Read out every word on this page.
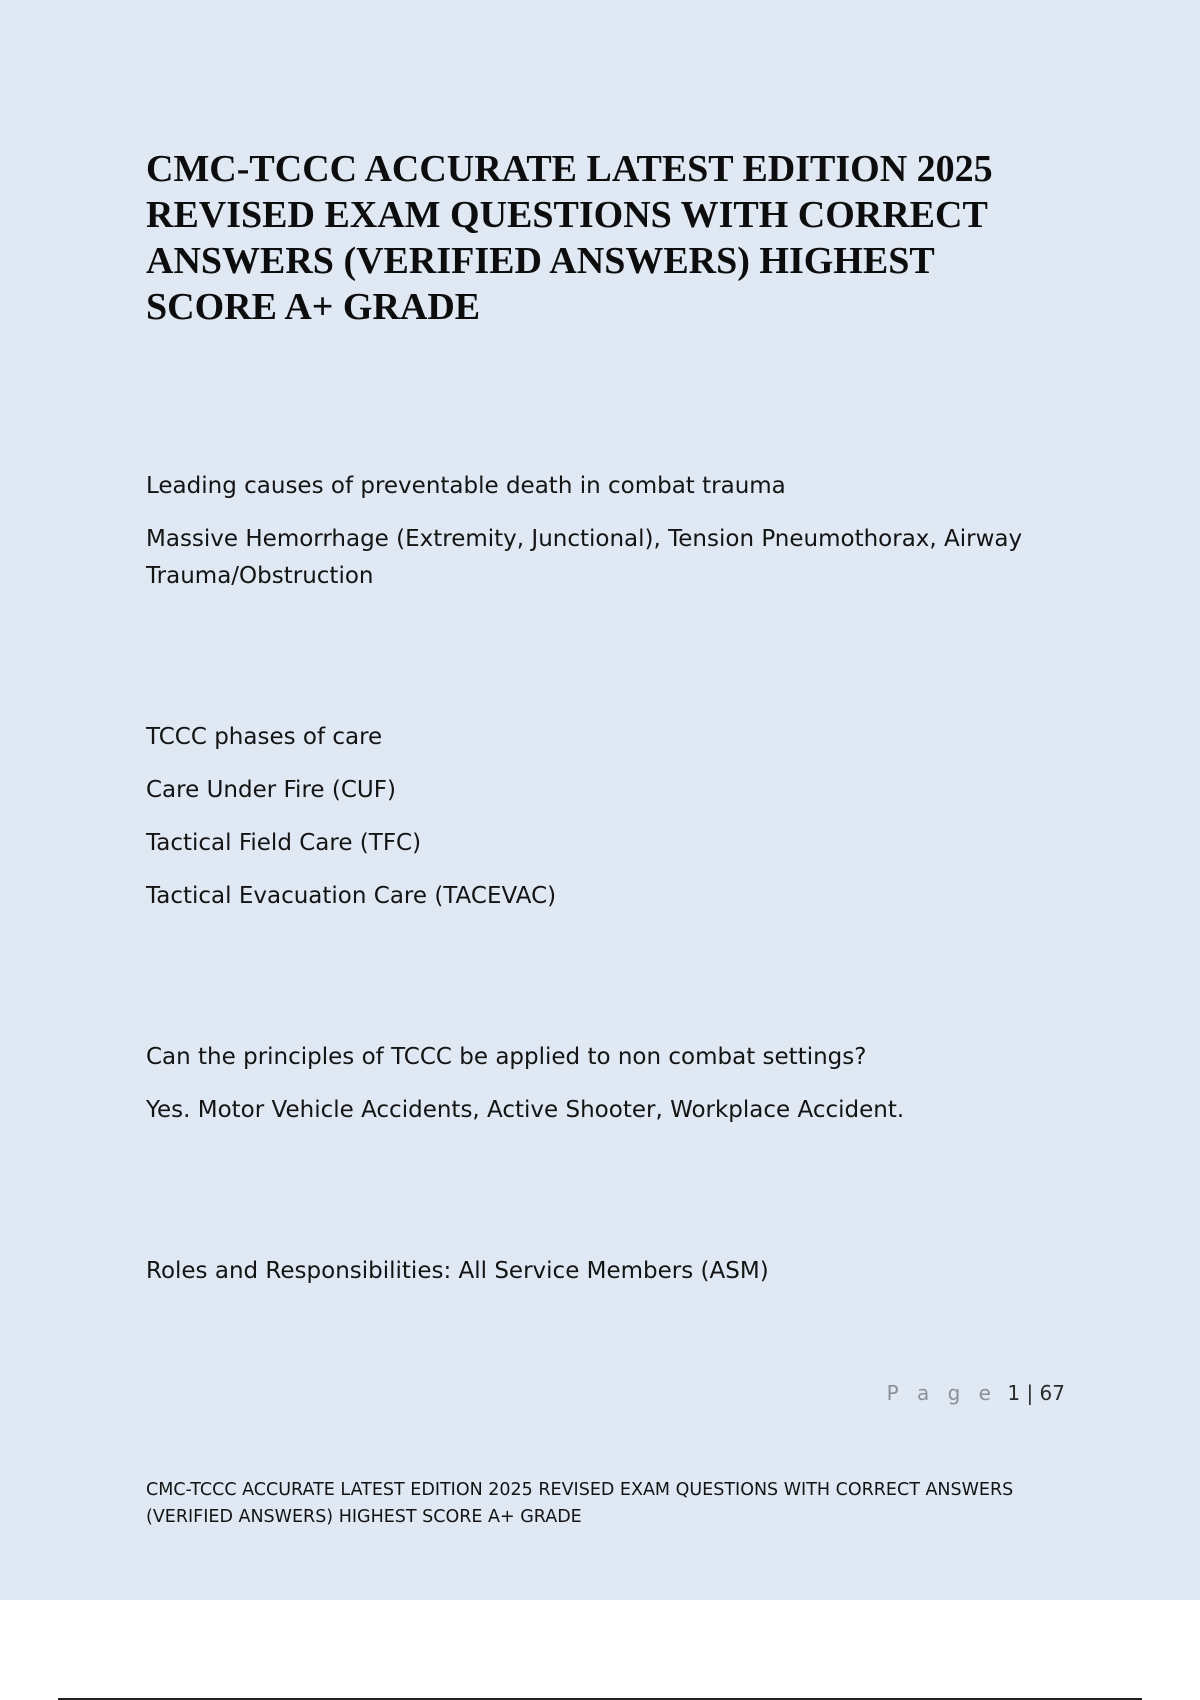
CMC-TCCC ACCURATE LATEST EDITION 2025 REVISED EXAM QUESTIONS WITH CORRECT ANSWERS (VERIFIED ANSWERS) HIGHEST SCORE A+ GRADE

Leading causes of preventable death in combat trauma

Massive Hemorrhage (Extremity, Junctional), Tension Pneumothorax, Airway Trauma/Obstruction

TCCC phases of care

Care Under Fire (CUF)

Tactical Field Care (TFC)

Tactical Evacuation Care (TACEVAC)

Can the principles of TCCC be applied to non combat settings?

Yes. Motor Vehicle Accidents, Active Shooter, Workplace Accident.

Roles and Responsibilities: All Service Members (ASM)

P a g e 1 | 67
CMC-TCCC ACCURATE LATEST EDITION 2025 REVISED EXAM QUESTIONS WITH CORRECT ANSWERS (VERIFIED ANSWERS) HIGHEST SCORE A+ GRADE
